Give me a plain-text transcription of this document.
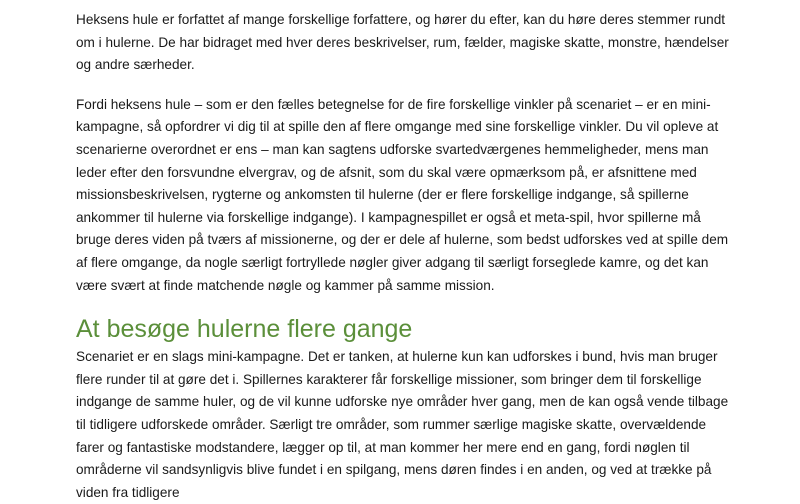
Heksens hule er forfattet af mange forskellige forfattere, og hører du efter, kan du høre deres stemmer rundt om i hulerne. De har bidraget med hver deres beskrivelser, rum, fælder, magiske skatte, monstre, hændelser og andre særheder.

Fordi heksens hule – som er den fælles betegnelse for de fire forskellige vinkler på scenariet – er en mini-kampagne, så opfordrer vi dig til at spille den af flere omgange med sine forskellige vinkler. Du vil opleve at scenarierne overordnet er ens – man kan sagtens udforske svartedværgenes hemmeligheder, mens man leder efter den forsvundne elvergrav, og de afsnit, som du skal være opmærksom på, er afsnittene med missionsbeskrivelsen, rygterne og ankomsten til hulerne (der er flere forskellige indgange, så spillerne ankommer til hulerne via forskellige indgange). I kampagnespillet er også et meta-spil, hvor spillerne må bruge deres viden på tværs af missionerne, og der er dele af hulerne, som bedst udforskes ved at spille dem af flere omgange, da nogle særligt fortryllede nøgler giver adgang til særligt forseglede kamre, og det kan være svært at finde matchende nøgle og kammer på samme mission.

At besøge hulerne flere gange

Scenariet er en slags mini-kampagne. Det er tanken, at hulerne kun kan udforskes i bund, hvis man bruger flere runder til at gøre det i. Spillernes karakterer får forskellige missioner, som bringer dem til forskellige indgange de samme huler, og de vil kunne udforske nye områder hver gang, men de kan også vende tilbage til tidligere udforskede områder. Særligt tre områder, som rummer særlige magiske skatte, overvældende farer og fantastiske modstandere, lægger op til, at man kommer her mere end en gang, fordi nøglen til områderne vil sandsynligvis blive fundet i en spilgang, mens døren findes i en anden, og ved at trække på viden fra tidligere
